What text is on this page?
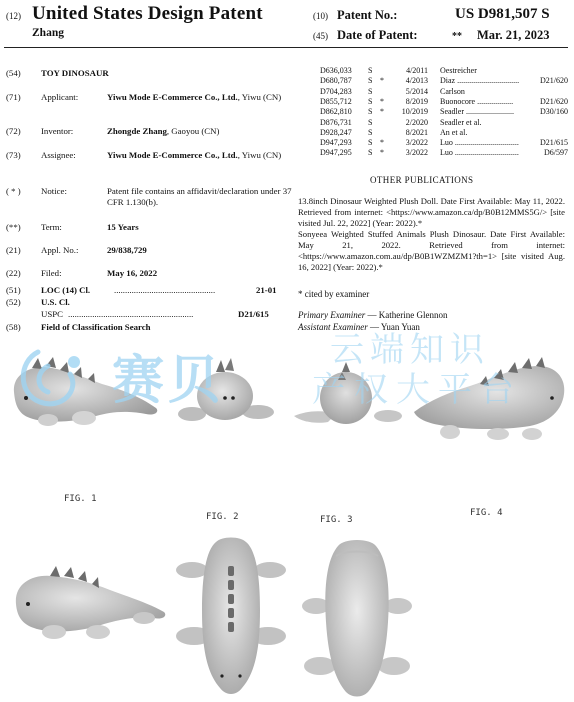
(12) United States Design Patent
Zhang
(10) Patent No.:	US D981,507 S
(45) Date of Patent:	** Mar. 21, 2023
(54)	TOY DINOSAUR
(71)	Applicant:	Yiwu Mode E-Commerce Co., Ltd., Yiwu (CN)
(72)	Inventor:	Zhongde Zhang, Gaoyou (CN)
(73)	Assignee:	Yiwu Mode E-Commerce Co., Ltd., Yiwu (CN)
( * )	Notice:	Patent file contains an affidavit/declaration under 37 CFR 1.130(b).
(**)	Term:	15 Years
(21)	Appl. No.:	29/838,729
(22)	Filed:	May 16, 2022
(51)	LOC (14) Cl.	..............................................	21-01
(52)	U.S. Cl.
USPC .........................................................	D21/615
(58)	Field of Classification Search
D636,033 S	4/2011 Oestreicher
D680,787 S *	4/2013 Diaz ...............................	D21/620
D704,283 S	5/2014 Carlson
D855,712 S *	8/2019 Buonocore ..................	D21/620
D862,810 S *	10/2019 Seadler ........................	D30/160
D876,731 S	2/2020 Seadler et al.
D928,247 S	8/2021 An et al.
D947,293 S *	3/2022 Luo ................................	D21/615
D947,295 S *	3/2022 Luo ................................	D6/597
OTHER PUBLICATIONS
13.8inch Dinosaur Weighted Plush Doll. Date First Available: May 11, 2022. Retrieved from internet: <https://www.amazon.ca/dp/B0B12MMS5G/> [site visited Jul. 22, 2022] (Year: 2022).*
Sonyeea Weighted Stuffed Animals Plush Dinosaur. Date First Available: May 21, 2022. Retrieved from internet: <https://www.amazon.com.au/dp/B0B1WZMZM1?th=1> [site visited Aug. 16, 2022] (Year: 2022).*
* cited by examiner
Primary Examiner — Katherine Glennon
Assistant Examiner — Yuan Yuan
FIG. 1
FIG. 2	FIG. 3
FIG. 4
赛贝
云端知识
产权大平台
